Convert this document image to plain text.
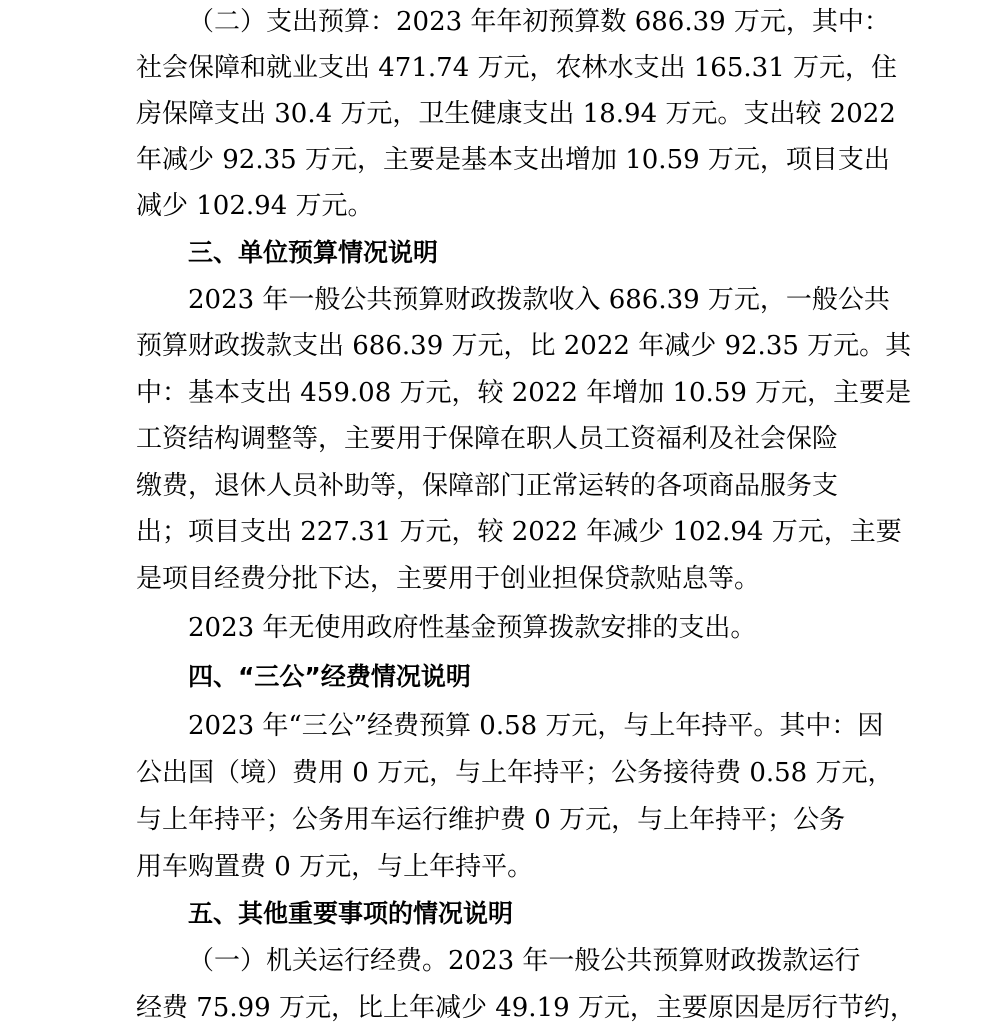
（二）支出预算：2023 年年初预算数 686.39 万元，其中：
社会保障和就业支出 471.74 万元，农林水支出 165.31 万元，住
房保障支出 30.4 万元，卫生健康支出 18.94 万元。支出较 2022
年减少 92.35 万元，主要是基本支出增加 10.59 万元，项目支出
减少 102.94 万元。
三、单位预算情况说明
2023 年一般公共预算财政拨款收入 686.39 万元，一般公共
预算财政拨款支出 686.39 万元，比 2022 年减少 92.35 万元。其
中：基本支出 459.08 万元，较 2022 年增加 10.59 万元，主要是
工资结构调整等，主要用于保障在职人员工资福利及社会保险
缴费，退休人员补助等，保障部门正常运转的各项商品服务支
出；项目支出 227.31 万元，较 2022 年减少 102.94 万元，主要
是项目经费分批下达，主要用于创业担保贷款贴息等。
2023 年无使用政府性基金预算拨款安排的支出。
四、“三公”经费情况说明
2023 年“三公”经费预算 0.58 万元，与上年持平。其中：因
公出国（境）费用 0 万元，与上年持平；公务接待费 0.58 万元，
与上年持平；公务用车运行维护费 0 万元，与上年持平；公务
用车购置费 0 万元，与上年持平。
五、其他重要事项的情况说明
（一）机关运行经费。2023 年一般公共预算财政拨款运行
经费 75.99 万元，比上年减少 49.19 万元，主要原因是厉行节约，
